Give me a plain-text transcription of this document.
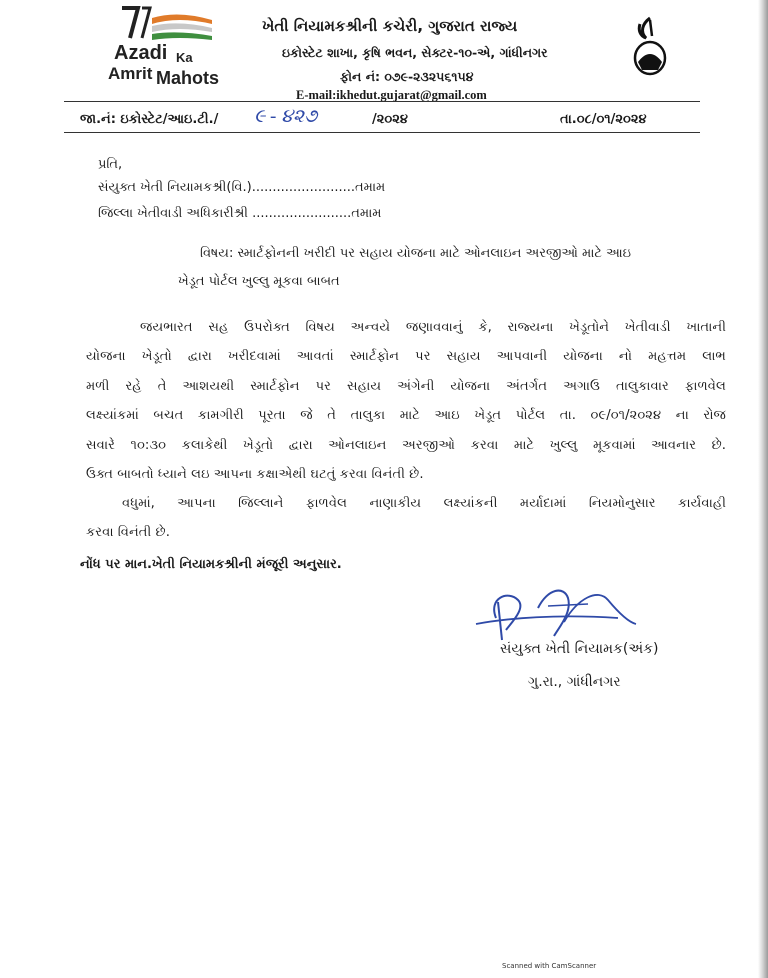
Azadi Ka
Amrit Mahots
ખેતી નિયામકશ્રીની કચેરી, ગુજરાત રાજ્ય
ઇકોસ્ટેટ શાખા, કૃષિ ભવન, સેક્ટર-૧૦-એ, ગાંધીનગર
ફોન નં: ૦૭૯-૨૩૨૫૬૧૫૪
E-mail:ikhedut.gujarat@gmail.com
જા.નં: ઇકોસ્ટેટ/આઇ.ટી./ ૯ - ૪૨૭	/૨૦૨૪	તા.૦૮/૦૧/૨૦૨૪
પ્રતિ,
સંયુક્ત ખેતી નિયામકશ્રી(વિ.).........................તમામ
જિલ્લા ખેતીવાડી અધિકારીશ્રી ........................તમામ
વિષય: સ્માર્ટફોનની ખરીદી પર સહાય યોજના માટે ઓનલાઇન અરજીઓ માટે આઇ
ખેડૂત પોર્ટલ ખુલ્લુ મૂકવા બાબત
જયભારત સહ ઉપરોક્ત વિષય અન્વયે જણાવવાનું કે, રાજ્યના ખેડૂતોને ખેતીવાડી ખાતાની
યોજના ખેડૂતો દ્વારા ખરીદવામાં આવતાં સ્માર્ટફોન પર સહાય આપવાની યોજના નો મહત્તમ લાભ
મળી રહે તે આશયથી સ્માર્ટફોન પર સહાય અંગેની યોજના અંતર્ગત અગાઉ તાલુકાવાર ફાળવેલ
લક્ષ્યાંકમાં બચત કામગીરી પૂરતા જે તે તાલુકા માટે આઇ ખેડૂત પોર્ટલ તા. ૦૯/૦૧/૨૦૨૪ ના રોજ
સવારે ૧૦:૩૦ કલાકેથી ખેડૂતો દ્વારા ઓનલાઇન અરજીઓ કરવા માટે ખુલ્લુ મૂકવામાં આવનાર છે.
ઉક્ત બાબતો ધ્યાને લઇ આપના કક્ષાએથી ઘટતું કરવા વિનંતી છે.
વધુમાં, આપના જિલ્લાને ફાળવેલ નાણાકીય લક્ષ્યાંકની મર્યાદામાં નિયમોનુસાર કાર્યવાહી
કરવા વિનંતી છે.
નોંધ પર માન.ખેતી નિયામકશ્રીની મંજૂરી અનુસાર.
સંયુક્ત ખેતી નિયામક(અંક)
ગુ.રા., ગાંધીનગર
Scanned with CamScanner
